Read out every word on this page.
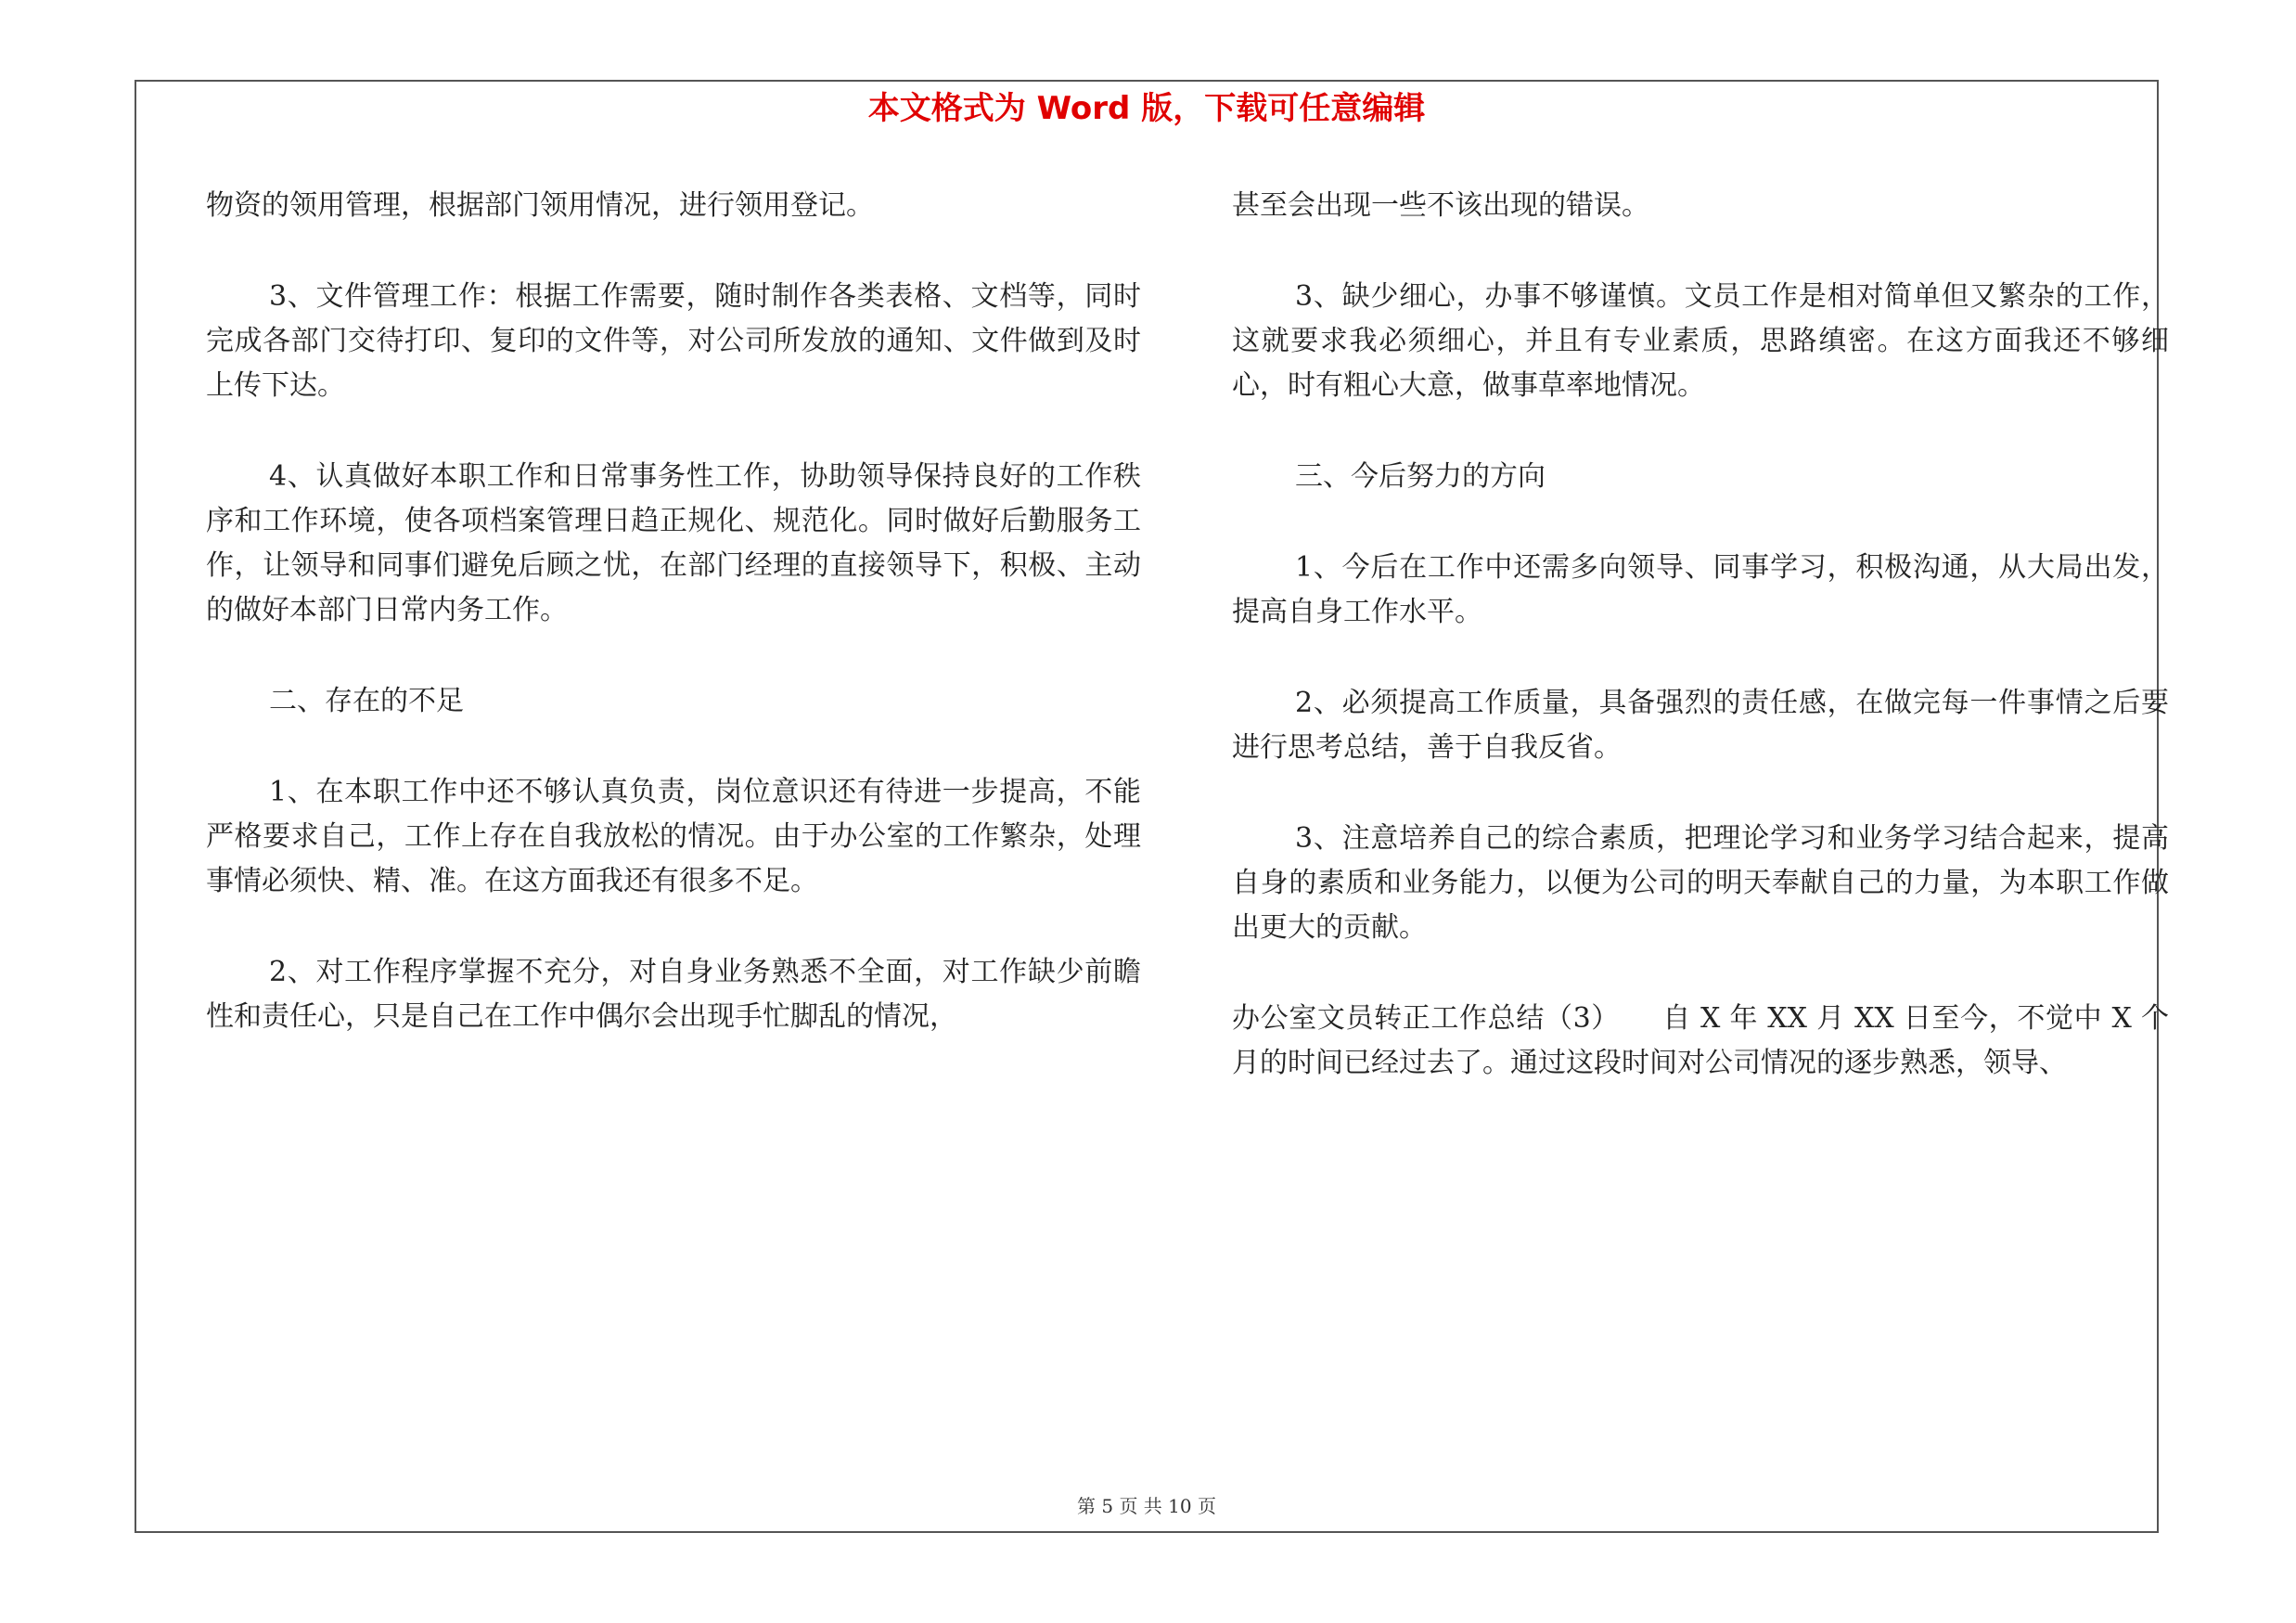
本文格式为 Word 版，下载可任意编辑

物资的领用管理，根据部门领用情况，进行领用登记。

3、文件管理工作：根据工作需要，随时制作各类表格、文档等，同时完成各部门交待打印、复印的文件等，对公司所发放的通知、文件做到及时上传下达。

4、认真做好本职工作和日常事务性工作，协助领导保持良好的工作秩序和工作环境，使各项档案管理日趋正规化、规范化。同时做好后勤服务工作，让领导和同事们避免后顾之忧，在部门经理的直接领导下，积极、主动的做好本部门日常内务工作。

二、存在的不足

1、在本职工作中还不够认真负责，岗位意识还有待进一步提高，不能严格要求自己，工作上存在自我放松的情况。由于办公室的工作繁杂，处理事情必须快、精、准。在这方面我还有很多不足。

2、对工作程序掌握不充分，对自身业务熟悉不全面，对工作缺少前瞻性和责任心，只是自己在工作中偶尔会出现手忙脚乱的情况，

甚至会出现一些不该出现的错误。

3、缺少细心，办事不够谨慎。文员工作是相对简单但又繁杂的工作，这就要求我必须细心，并且有专业素质，思路缜密。在这方面我还不够细心，时有粗心大意，做事草率地情况。

三、今后努力的方向

1、今后在工作中还需多向领导、同事学习，积极沟通，从大局出发，提高自身工作水平。

2、必须提高工作质量，具备强烈的责任感，在做完每一件事情之后要进行思考总结，善于自我反省。

3、注意培养自己的综合素质，把理论学习和业务学习结合起来，提高自身的素质和业务能力，以便为公司的明天奉献自己的力量，为本职工作做出更大的贡献。

办公室文员转正工作总结（3）　　自 X 年 XX 月 XX 日至今，不觉中 X 个月的时间已经过去了。通过这段时间对公司情况的逐步熟悉，领导、

第 5 页 共 10 页
